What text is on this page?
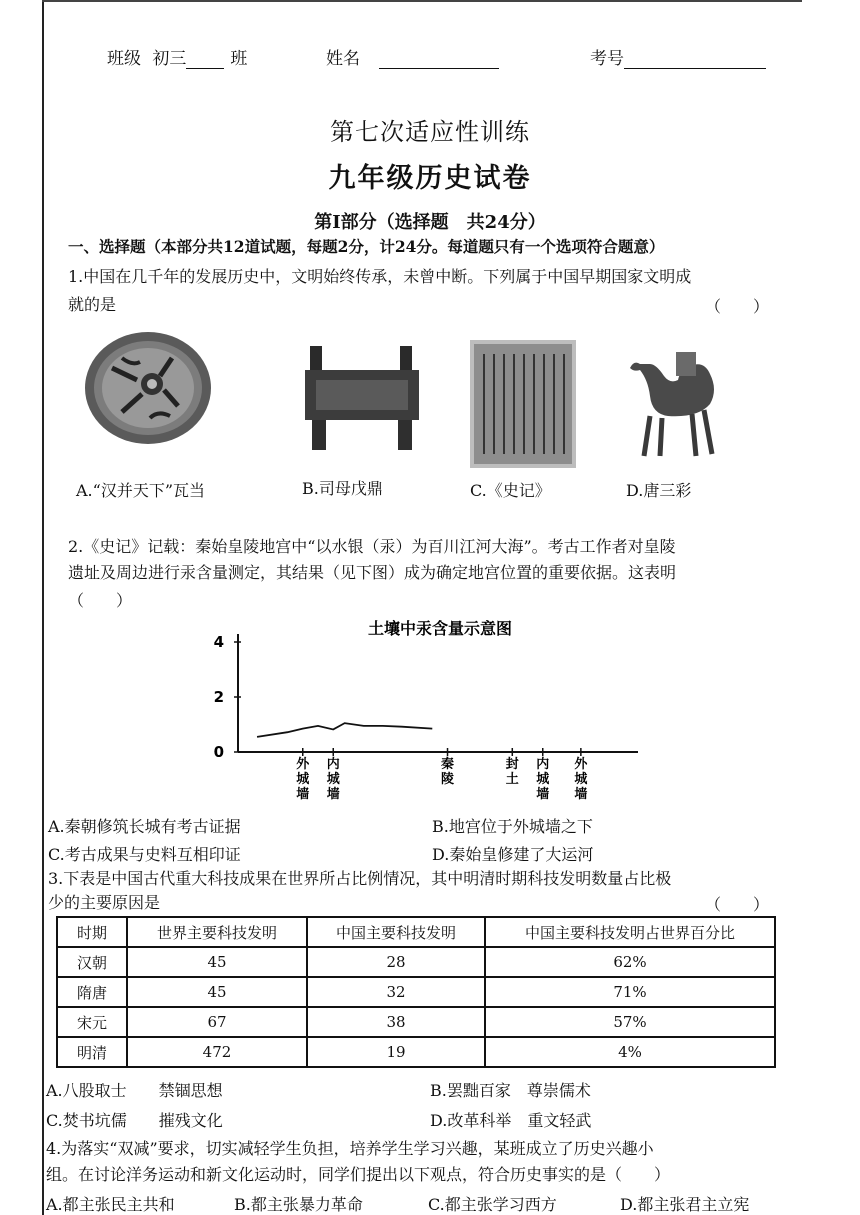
班级 初三	班	姓名	考号
第七次适应性训练
九年级历史试卷
第Ⅰ部分（选择题　共24分）
一、选择题（本部分共12道试题，每题2分，计24分。每道题只有一个选项符合题意）
1.中国在几千年的发展历史中，文明始终传承，未曾中断。下列属于中国早期国家文明成
就的是	（　　）
A.“汉并天下”瓦当	B.司母戊鼎	C.《史记》	D.唐三彩
2.《史记》记载：秦始皇陵地宫中“以水银（汞）为百川江河大海”。考古工作者对皇陵
遗址及周边进行汞含量测定，其结果（见下图）成为确定地宫位置的重要依据。这表明
（　　）
土壤中汞含量示意图
4
2
0
外城墙
内城墙
秦陵
封土
内城墙
外城墙
A.秦朝修筑长城有考古证据	B.地宫位于外城墙之下
C.考古成果与史料互相印证	D.秦始皇修建了大运河
3.下表是中国古代重大科技成果在世界所占比例情况，其中明清时期科技发明数量占比极
少的主要原因是	（　　）
时期	世界主要科技发明	中国主要科技发明	中国主要科技发明占世界百分比
汉朝	45	28	62%
隋唐	45	32	71%
宋元	67	38	57%
明清	472	19	4%
A.八股取士　　禁锢思想	B.罢黜百家　尊崇儒术
C.焚书坑儒　　摧残文化	D.改革科举　重文轻武
4.为落实“双减”要求，切实减轻学生负担，培养学生学习兴趣，某班成立了历史兴趣小
组。在讨论洋务运动和新文化运动时，同学们提出以下观点，符合历史事实的是（　　）
A.都主张民主共和	B.都主张暴力革命	C.都主张学习西方	D.都主张君主立宪
